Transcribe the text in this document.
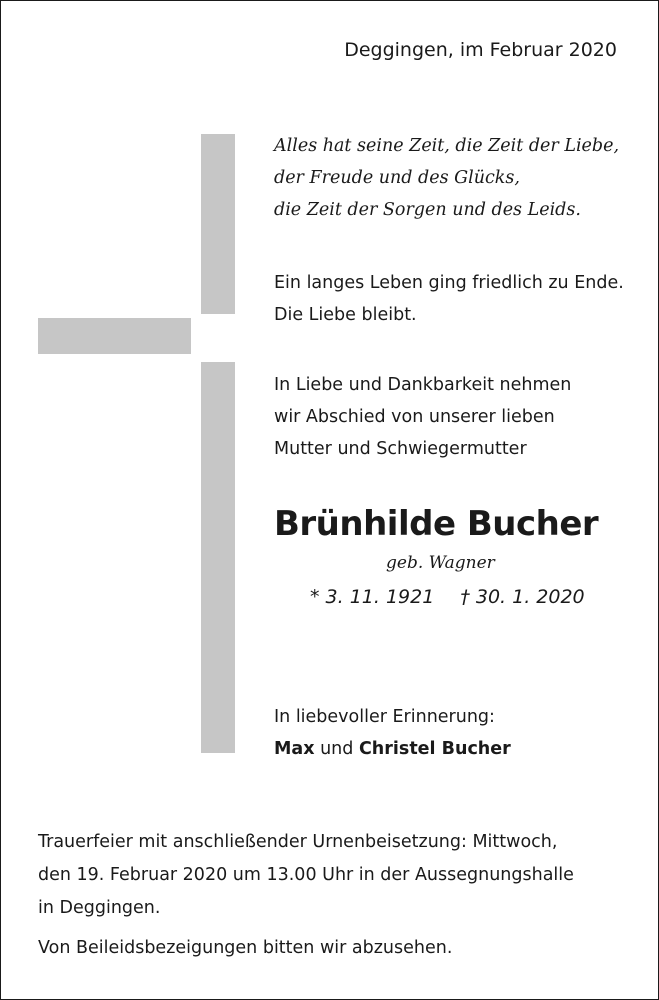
Deggingen, im Februar 2020
Alles hat seine Zeit, die Zeit der Liebe,
der Freude und des Glücks,
die Zeit der Sorgen und des Leids.
Ein langes Leben ging friedlich zu Ende.
Die Liebe bleibt.
In Liebe und Dankbarkeit nehmen
wir Abschied von unserer lieben
Mutter und Schwiegermutter
Brünhilde Bucher
geb. Wagner
* 3. 11. 1921 † 30. 1. 2020
In liebevoller Erinnerung:
Max und Christel Bucher
Trauerfeier mit anschließender Urnenbeisetzung: Mittwoch,
den 19. Februar 2020 um 13.00 Uhr in der Aussegnungshalle
in Deggingen.
Von Beileidsbezeigungen bitten wir abzusehen.
